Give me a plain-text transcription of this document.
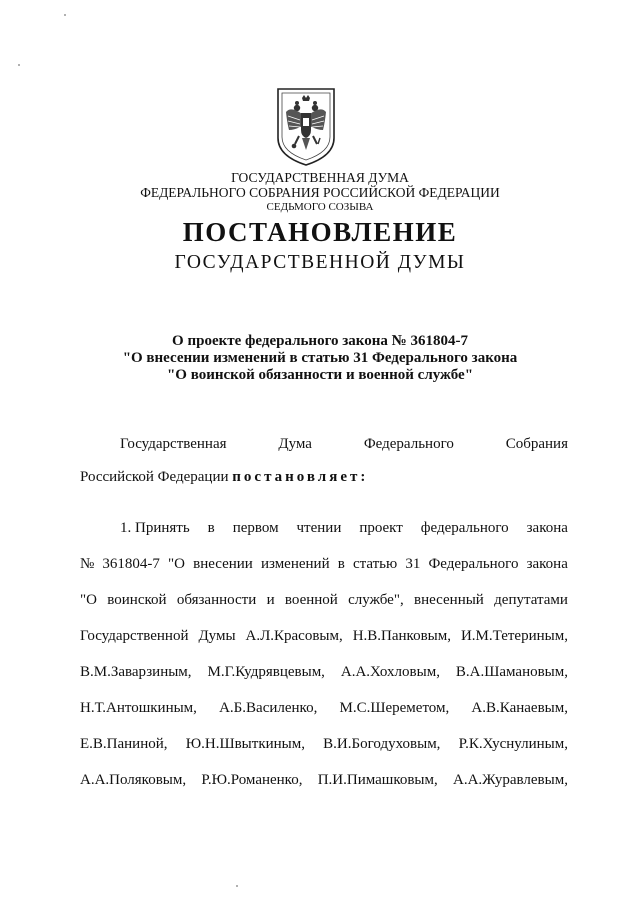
ГОСУДАРСТВЕННАЯ ДУМА
ФЕДЕРАЛЬНОГО СОБРАНИЯ РОССИЙСКОЙ ФЕДЕРАЦИИ
СЕДЬМОГО СОЗЫВА
ПОСТАНОВЛЕНИЕ
ГОСУДАРСТВЕННОЙ ДУМЫ
О проекте федерального закона № 361804-7
"О внесении изменений в статью 31 Федерального закона
"О воинской обязанности и военной службе"
Государственная	Дума	Федерального	Собрания
Российской Федерации постановляет:
1. Принять в первом чтении проект федерального закона
№ 361804-7 "О внесении изменений в статью 31 Федерального закона
"О воинской обязанности и военной службе", внесенный депутатами
Государственной Думы А.Л.Красовым, Н.В.Панковым, И.М.Тетериным,
В.М.Заварзиным, М.Г.Кудрявцевым, А.А.Хохловым, В.А.Шамановым,
Н.Т.Антошкиным, А.Б.Василенко, М.С.Шереметом, А.В.Канаевым,
Е.В.Паниной, Ю.Н.Швыткиным, В.И.Богодуховым, Р.К.Хуснулиным,
А.А.Поляковым, Р.Ю.Романенко, П.И.Пимашковым, А.А.Журавлевым,
